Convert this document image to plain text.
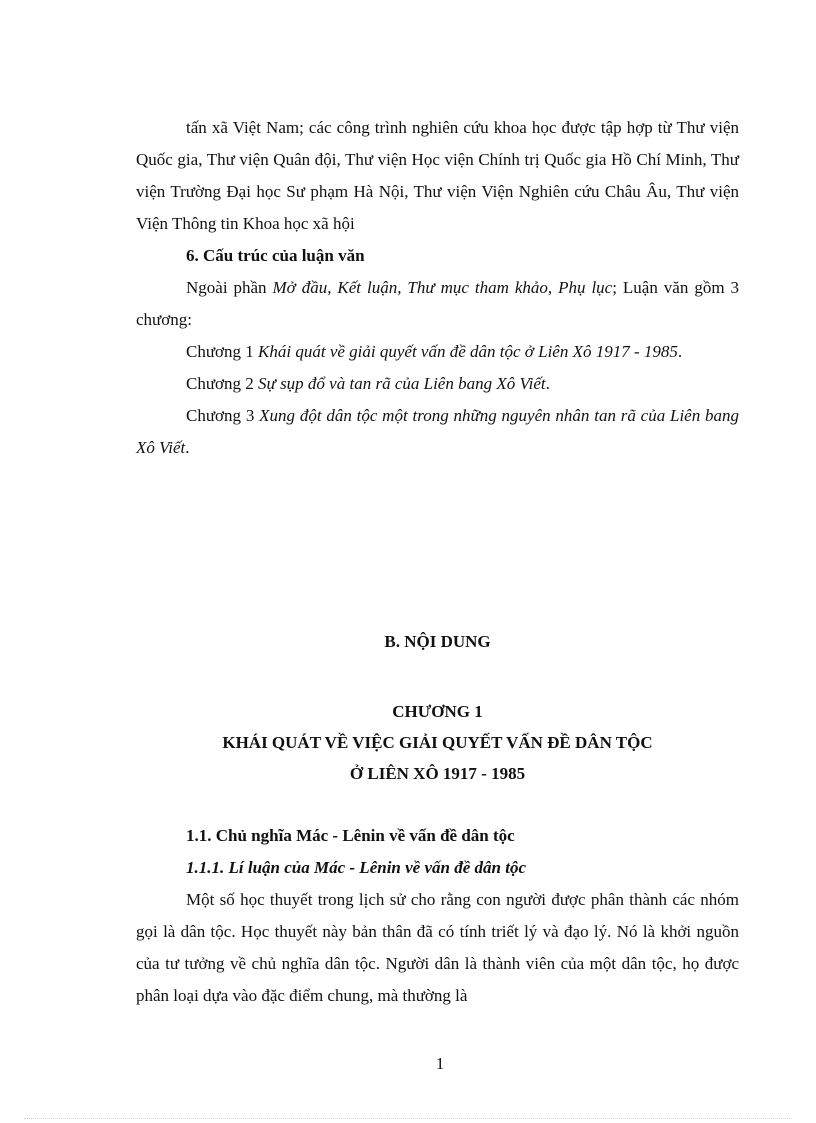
tấn xã Việt Nam; các công trình nghiên cứu khoa học được tập hợp từ Thư viện Quốc gia, Thư viện Quân đội, Thư viện Học viện Chính trị Quốc gia Hồ Chí Minh, Thư viện Trường Đại học Sư phạm Hà Nội, Thư viện Viện Nghiên cứu Châu Âu, Thư viện Viện Thông tin Khoa học xã hội

6. Cấu trúc của luận văn

Ngoài phần Mở đầu, Kết luận, Thư mục tham khảo, Phụ lục; Luận văn gồm 3 chương:

Chương 1 Khái quát về giải quyết vấn đề dân tộc ở Liên Xô 1917 - 1985.

Chương 2 Sự sụp đổ và tan rã của Liên bang Xô Viết.

Chương 3 Xung đột dân tộc một trong những nguyên nhân tan rã của Liên bang Xô Viết.

B. NỘI DUNG
CHƯƠNG 1
KHÁI QUÁT VỀ VIỆC GIẢI QUYẾT VẤN ĐỀ DÂN TỘC
Ở LIÊN XÔ 1917 - 1985

1.1. Chủ nghĩa Mác - Lênin về vấn đề dân tộc

1.1.1. Lí luận của Mác - Lênin về vấn đề dân tộc

Một số học thuyết trong lịch sử cho rằng con người được phân thành các nhóm gọi là dân tộc. Học thuyết này bản thân đã có tính triết lý và đạo lý. Nó là khởi nguồn của tư tưởng về chủ nghĩa dân tộc. Người dân là thành viên của một dân tộc, họ được phân loại dựa vào đặc điểm chung, mà thường là

1
